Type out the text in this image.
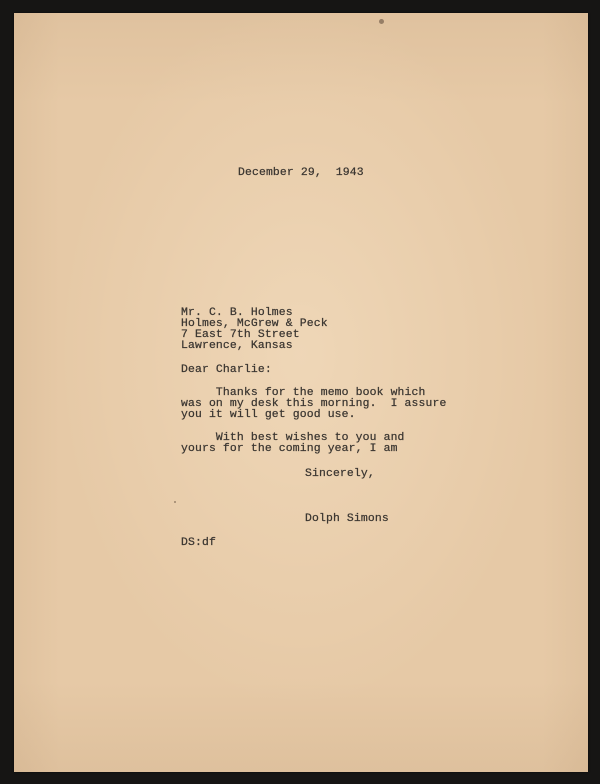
December 29,  1943
Mr. C. B. Holmes
Holmes, McGrew & Peck
7 East 7th Street
Lawrence, Kansas
Dear Charlie:
Thanks for the memo book which
was on my desk this morning.  I assure
you it will get good use.
With best wishes to you and
yours for the coming year, I am
Sincerely,
Dolph Simons
DS:df
